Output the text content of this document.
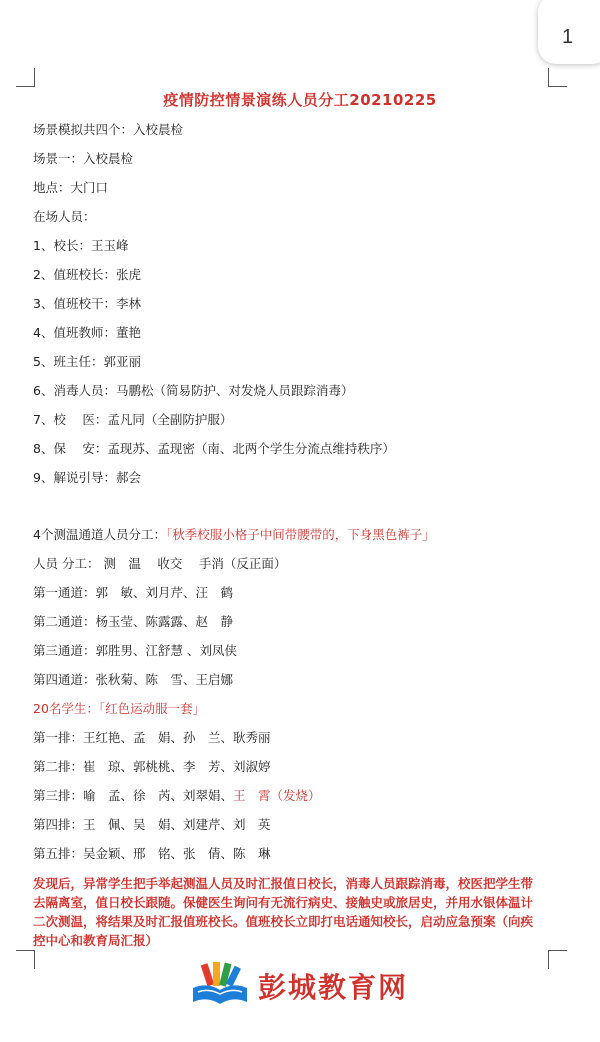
1
疫情防控情景演练人员分工20210225
场景模拟共四个：入校晨检
场景一：入校晨检
地点：大门口
在场人员：
1、校长：王玉峰
2、值班校长：张虎
3、值班校干：李林
4、值班教师：董艳
5、班主任：郭亚丽
6、消毒人员：马鹏松（简易防护、对发烧人员跟踪消毒）
7、校　 医：孟凡同（全副防护服）
8、保　 安：孟现苏、孟现密（南、北两个学生分流点维持秩序）
9、解说引导：郝会
4个测温通道人员分工：「秋季校服小格子中间带腰带的，下身黑色裤子」
人员 分工： 测　温　 收交　 手消（反正面）
第一通道：郭　敏、刘月芹、汪　鹤
第二通道：杨玉莹、陈露露、赵　静
第三通道：郭胜男、江舒慧 、刘凤侠
第四通道：张秋菊、陈　雪、王启娜
20名学生：「红色运动服一套」
第一排：王红艳、孟　娟、孙　兰、耿秀丽
第二排：崔　琼、郭桃桃、李　芳、刘淑婷
第三排：喻　孟、徐　芮、刘翠娟、王　霄（发烧）
第四排：王　佩、吴　娟、刘建芹、刘　英
第五排：吴金颖、邢　铭、张　倩、陈　琳
发现后，异常学生把手举起测温人员及时汇报值日校长，消毒人员跟踪消毒，校医把学生带去隔离室，值日校长跟随。保健医生询问有无流行病史、接触史或旅居史，并用水银体温计二次测温，将结果及时汇报值班校长。值班校长立即打电话通知校长，启动应急预案（向疾控中心和教育局汇报）
彭城教育网
